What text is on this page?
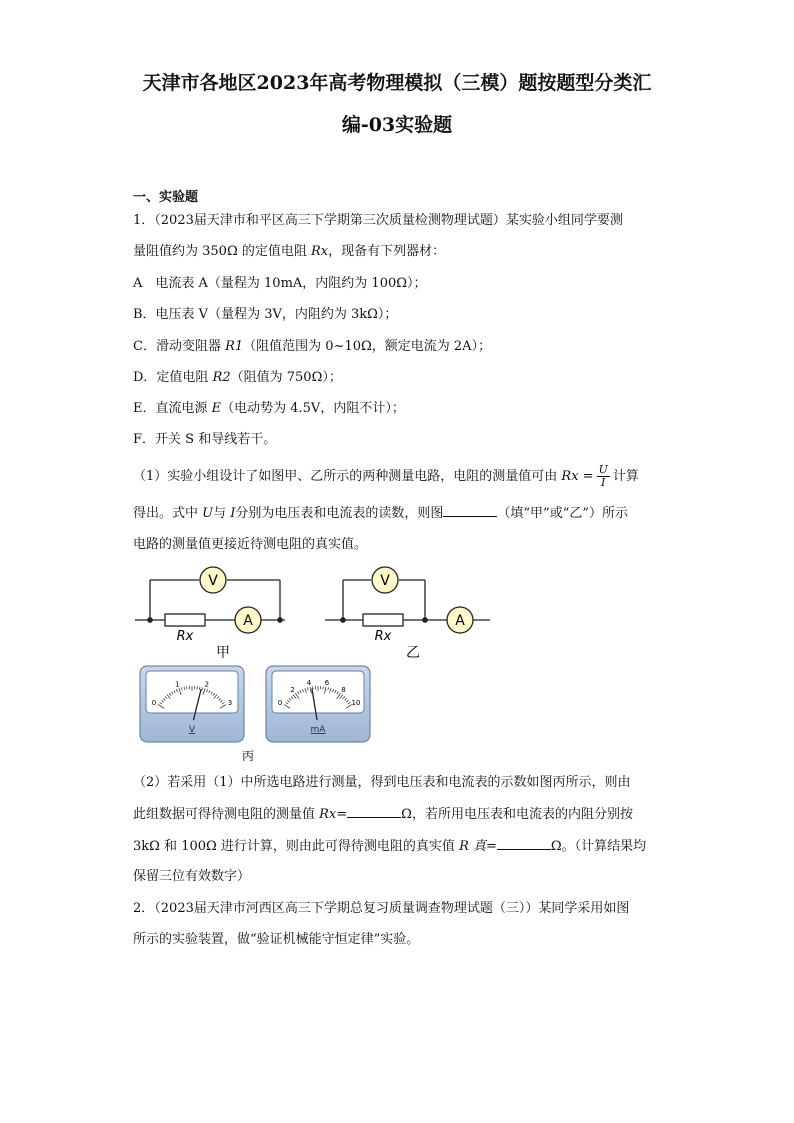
天津市各地区2023年高考物理模拟（三模）题按题型分类汇
编-03实验题
一、实验题
1．（2023届天津市和平区高三下学期第三次质量检测物理试题）某实验小组同学要测
量阻值约为 350Ω 的定值电阻 Rx，现备有下列器材：
A　电流表 A（量程为 10mA，内阻约为 100Ω）；
B．电压表 V（量程为 3V，内阻约为 3kΩ）；
C．滑动变阻器 R1（阻值范围为 0~10Ω，额定电流为 2A）；
D．定值电阻 R2（阻值为 750Ω）；
E．直流电源 E（电动势为 4.5V，内阻不计）；
F．开关 S 和导线若干。
（1）实验小组设计了如图甲、乙所示的两种测量电路，电阻的测量值可由 $Rx = \frac{U}{I}$ 计算
得出。式中 U与 I分别为电压表和电流表的读数，则图	（填“甲”或“乙”）所示
电路的测量值更接近待测电阻的真实值。
V
A
V
A
Rx	Rx
甲	乙
0
1	2
3
V
0
2
4 6
8
10
mA
丙
（2）若采用（1）中所选电路进行测量，得到电压表和电流表的示数如图丙所示，则由
此组数据可得待测电阻的测量值 Rx=	Ω，若所用电压表和电流表的内阻分别按
3kΩ 和 100Ω 进行计算，则由此可得待测电阻的真实值 R 真=	Ω。（计算结果均
保留三位有效数字）
2．（2023届天津市河西区高三下学期总复习质量调查物理试题（三））某同学采用如图
所示的实验装置，做“验证机械能守恒定律”实验。
